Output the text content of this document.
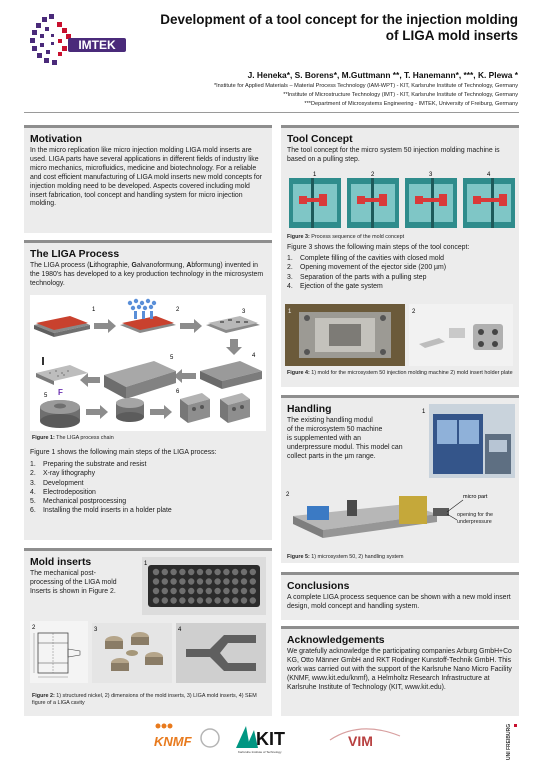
IMTEK
Development of a tool concept for the injection molding
of LIGA mold inserts
J. Heneka*, S. Borens*, M.Guttmann **, T. Hanemann*, ***, K. Plewa *
*Institute for Applied Materials – Material Process Technology (IAM-WPT) - KIT, Karlsruhe Institute of Technology, Germany
**Institute of Microstructure Technology (IMT) - KIT, Karlsruhe Institute of Technology, Germany
***Department of Microsystems Engineering - IMTEK, University of Freiburg, Germany
Motivation
In the micro replication like micro injection molding LIGA mold inserts are used. LIGA parts have several applications in different fields of industry like micro mechanics, microfluidics, medicine and biotechnology. For a reliable and cost efficient manufacturing of LIGA mold inserts new mold concepts for injection molding need to be developed. Aspects covered including mold insert fabrication, tool concept and handling system for micro injection molding.
The LIGA Process
The LIGA process (Lithographie, Galvanoformung, Abformung) invented in the 1980's has developed to a key production technology in the microsystem technology.
1	2	3
4
5
5
6
F
Figure 1: The LIGA process chain
Figure 1 shows the following main steps of the LIGA process:
1. Preparing the substrate and resist
2. X-ray lithography
3. Development
4. Electrodeposition
5. Mechanical postprocessing
6. Installing the mold inserts in a holder plate
Mold inserts
The mechanical post-
processing of the LIGA mold
Inserts is shown in Figure 2.
1
2	3	4
Figure 2: 1) structured nickel, 2) dimensions of the mold inserts, 3) LIGA mold inserts, 4) SEM figure of a LIGA cavity
Tool Concept
The tool concept for the micro system 50 injection molding machine is based on a pulling step.
1	2	3	4
Figure 3: Process sequence of the mold concept
Figure 3 shows the following main steps of the tool concept:
1. Complete filling of the cavities with closed mold
2. Opening movement of the ejector side (200 µm)
3. Separation of the parts with a pulling step
4. Ejection of the gate system
1	2
Figure 4: 1) mold for the microsystem 50 injection molding machine 2) mold insert holder plate
Handling
The existing handling modul
of the microsystem 50 machine
is supplemented with an
underpressure modul. This model can
collect parts in the µm range.
1
2	micro part
opening for the underpressure
Figure 5: 1) microsystem 50, 2) handling system
Conclusions
A complete LIGA process sequence can be shown with a new mold insert design, mold concept and handling system.
Acknowledgements
We gratefully acknowledge the participating companies Arburg GmbH+Co KG, Otto Männer GmbH and RKT Rodinger Kunstoff-Technik GmbH. This work was carried out with the support of the Karlsruhe Nano Micro Facility (KNMF, www.kit.edu/knmf), a Helmholtz Research Infrastructure at Karlsruhe Institute of Technology (KIT, www.kit.edu).
KNMF	KIT
Karlsruhe Institute of Technology
VIM	UNI FREIBURG
